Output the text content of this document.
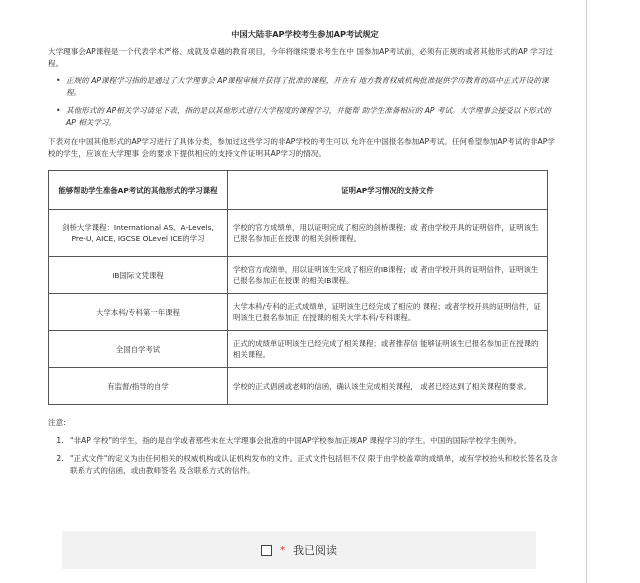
中国大陆非AP学校考生参加AP考试规定

大学理事会AP课程是一个代表学术严格、成就及卓越的教育项目，今年将继续要求考生在中 国参加AP考试前，必须有正规的或者其他形式的AP 学习过程。

• 正规的 AP课程学习指的是通过了大学理事会 AP课程审核并获得了批准的课程，开在有 地方教育权威机构批准提供学历教育的高中正式开设的课程。
• 其他形式的 AP相关学习请见下表，指的是以其他形式进行大学程度的课程学习，并能帮 助学生准备相应的 AP 考试。大学理事会接受以下形式的 AP 相关学习。

下表对在中国其他形式的AP学习进行了具体分类，参加过这些学习的非AP学校的考生可以 允许在中国报名参加AP考试。任何希望参加AP考试的非AP学校的学生，应该在大学理事 会的要求下提供相应的支持文件证明其AP学习的情况。

能够帮助学生准备AP考试的其他形式的学习课程	证明AP学习情况的支持文件
剑桥大学课程：International AS、A-Levels, Pre-U, AICE, IGCSE OLevel ICE的学习	学校的官方成绩单，用以证明完成了相应的剑桥课程；或 者由学校开具的证明信件，证明该生已报名参加正在授课 的相关剑桥课程。
IB国际文凭课程	学校官方成绩单，用以证明该生完成了相应的IB课程；或 者由学校开具的证明信件，证明该生已报名参加正在授课 的相关IB课程。
大学本科/专科第一年课程	大学本科/专科的正式成绩单，证明该生已经完成了相应的 课程；或者学校开具的证明信件，证明该生已报名参加正 在授课的相关大学本科/专科课程。
全国自学考试	正式的成绩单证明该生已经完成了相关课程；或者推荐信 能够证明该生已报名参加正在授课的相关课程。
有监督/指导的自学	学校的正式倡函或老师的信函，确认该生完成相关课程， 或者已经达到了相关课程的要求。
注意:
1. "非AP 学校"的学生，指的是自学或者那些未在大学理事会批准的中国AP学校参加正规AP 课程学习的学生。中国的国际学校学生例外。
2. "正式文件"的定义为由任何相关的权威机构或认证机构发布的文件。正式文件包括但不仅 限于由学校盖章的成绩单，或有学校抬头和校长签名及含联系方式的信函，或由教师签名 及含联系方式的信件。
* 我已阅读
